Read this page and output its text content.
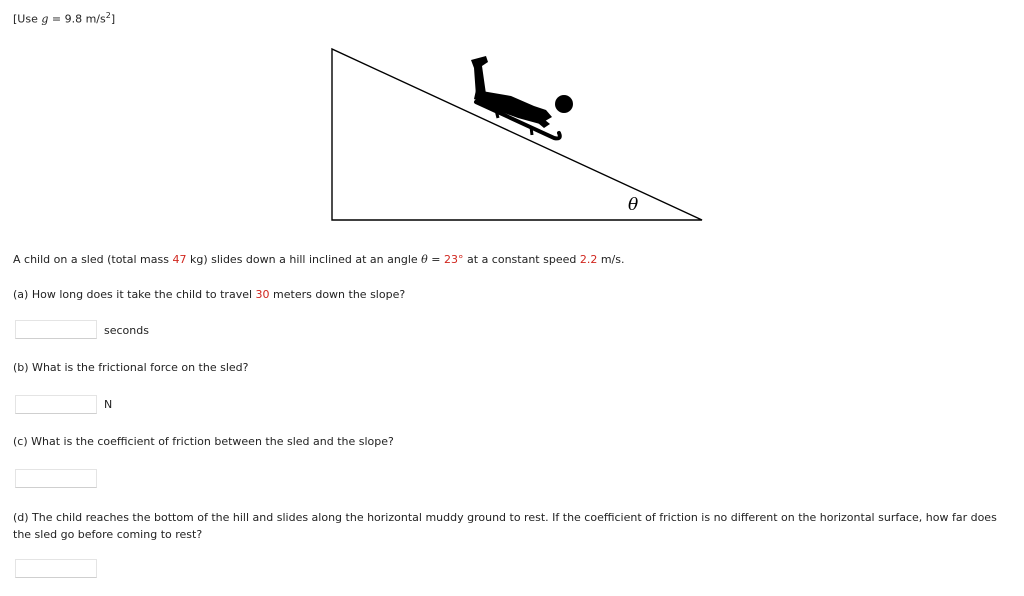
[Use g = 9.8 $m/s^2$]
θ
A child on a sled (total mass 47 kg) slides down a hill inclined at an angle θ = 23° at a constant speed 2.2 m/s.
(a) How long does it take the child to travel 30 meters down the slope?
seconds
(b) What is the frictional force on the sled?
N
(c) What is the coefficient of friction between the sled and the slope?
(d) The child reaches the bottom of the hill and slides along the horizontal muddy ground to rest. If the coefficient of friction is no different on the horizontal surface, how far does the sled go before coming to rest?
